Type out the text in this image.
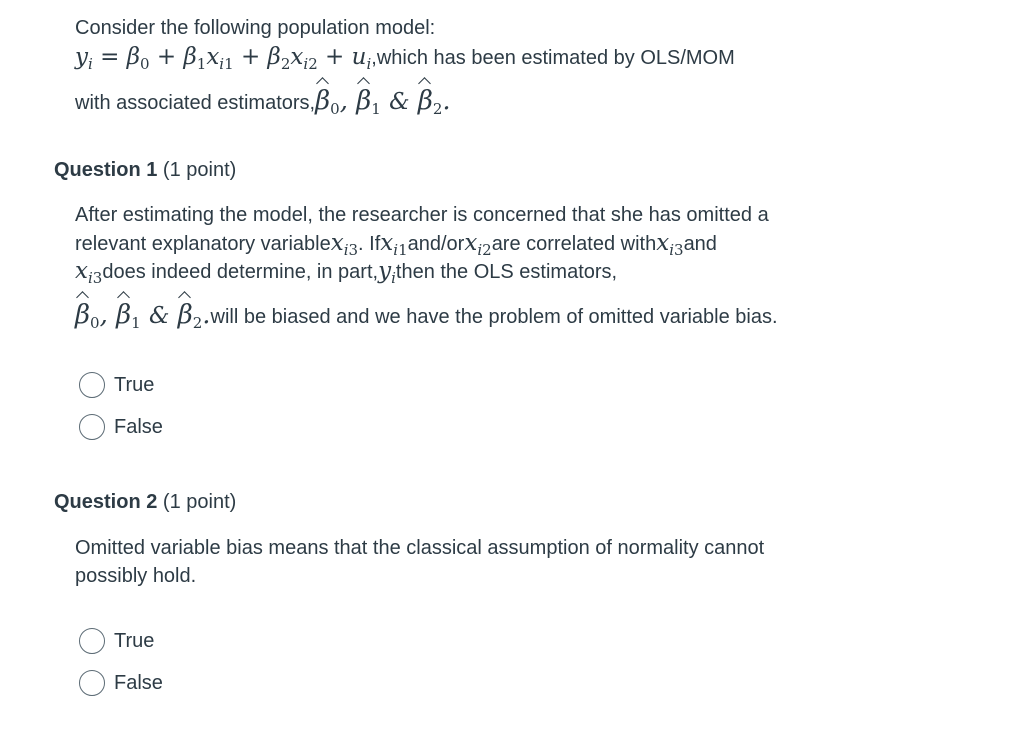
Consider the following population model:
$y_i = \beta_0 + \beta_1x_{i1} + \beta_2x_{i2} + u_i$ ,which has been estimated by OLS/MOM
with associated estimators, β0, β1 & β2.
Question 1 (1 point)
After estimating the model, the researcher is concerned that she has omitted a
relevant explanatory variable $x_{i3}$ . If $x_{i1}$ and/or $x_{i2}$ are correlated with $x_{i3}$ and
$x_{i3}$ does indeed determine, in part, $y_i$ then the OLS estimators,
β0, β1 & β2. will be biased and we have the problem of omitted variable bias.
True
False
Question 2 (1 point)
Omitted variable bias means that the classical assumption of normality cannot
possibly hold.
True
False
